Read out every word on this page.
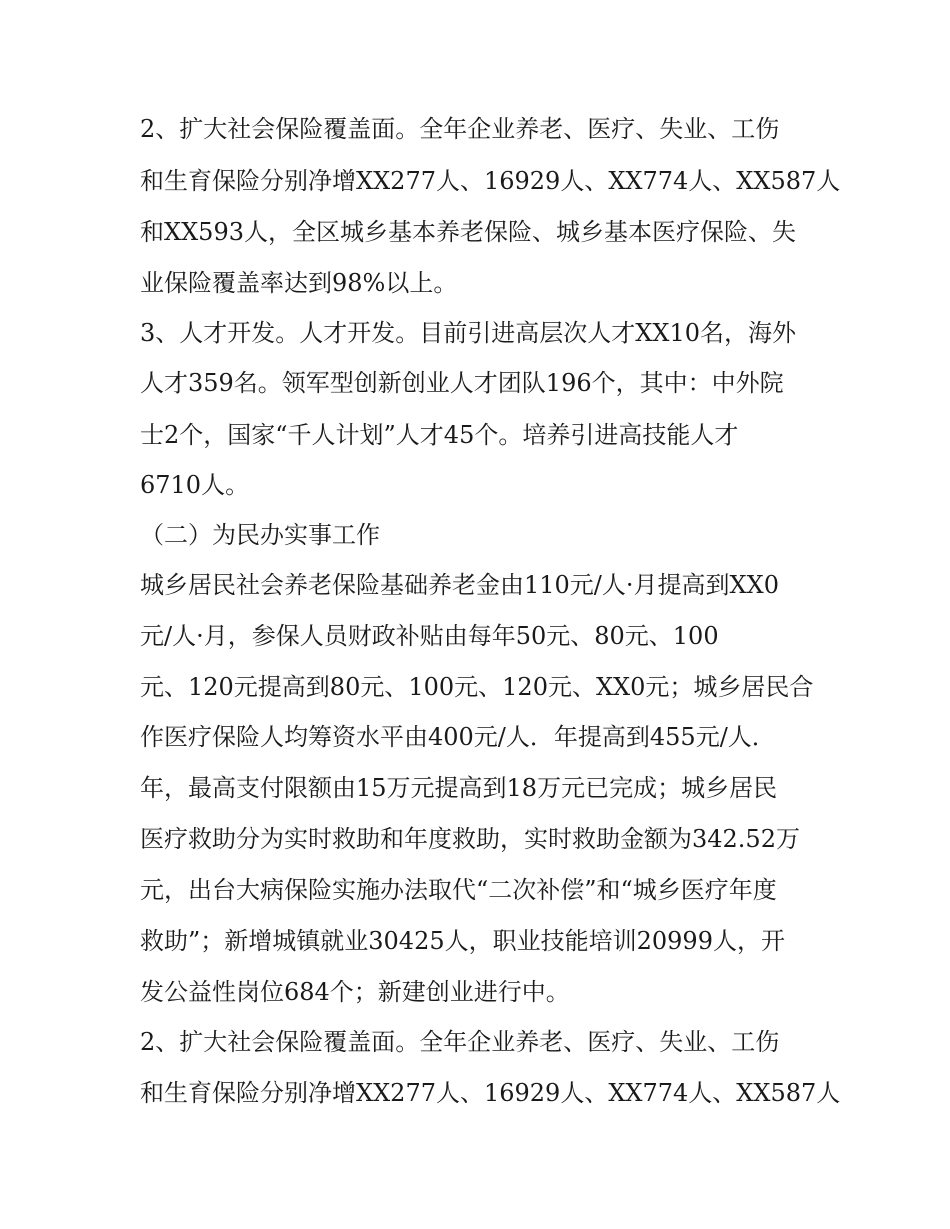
2、扩大社会保险覆盖面。全年企业养老、医疗、失业、工伤
和生育保险分别净增XX277人、16929人、XX774人、XX587人
和XX593人，全区城乡基本养老保险、城乡基本医疗保险、失
业保险覆盖率达到98%以上。
3、人才开发。人才开发。目前引进高层次人才XX10名，海外
人才359名。领军型创新创业人才团队196个，其中：中外院
士2个，国家“千人计划”人才45个。培养引进高技能人才
6710人。
（二）为民办实事工作
城乡居民社会养老保险基础养老金由110元/人·月提高到XX0
元/人·月，参保人员财政补贴由每年50元、80元、100
元、120元提高到80元、100元、120元、XX0元；城乡居民合
作医疗保险人均筹资水平由400元/人．年提高到455元/人．
年，最高支付限额由15万元提高到18万元已完成；城乡居民
医疗救助分为实时救助和年度救助，实时救助金额为342.52万
元，出台大病保险实施办法取代“二次补偿”和“城乡医疗年度
救助”；新增城镇就业30425人，职业技能培训20999人，开
发公益性岗位684个；新建创业进行中。
2、扩大社会保险覆盖面。全年企业养老、医疗、失业、工伤
和生育保险分别净增XX277人、16929人、XX774人、XX587人
